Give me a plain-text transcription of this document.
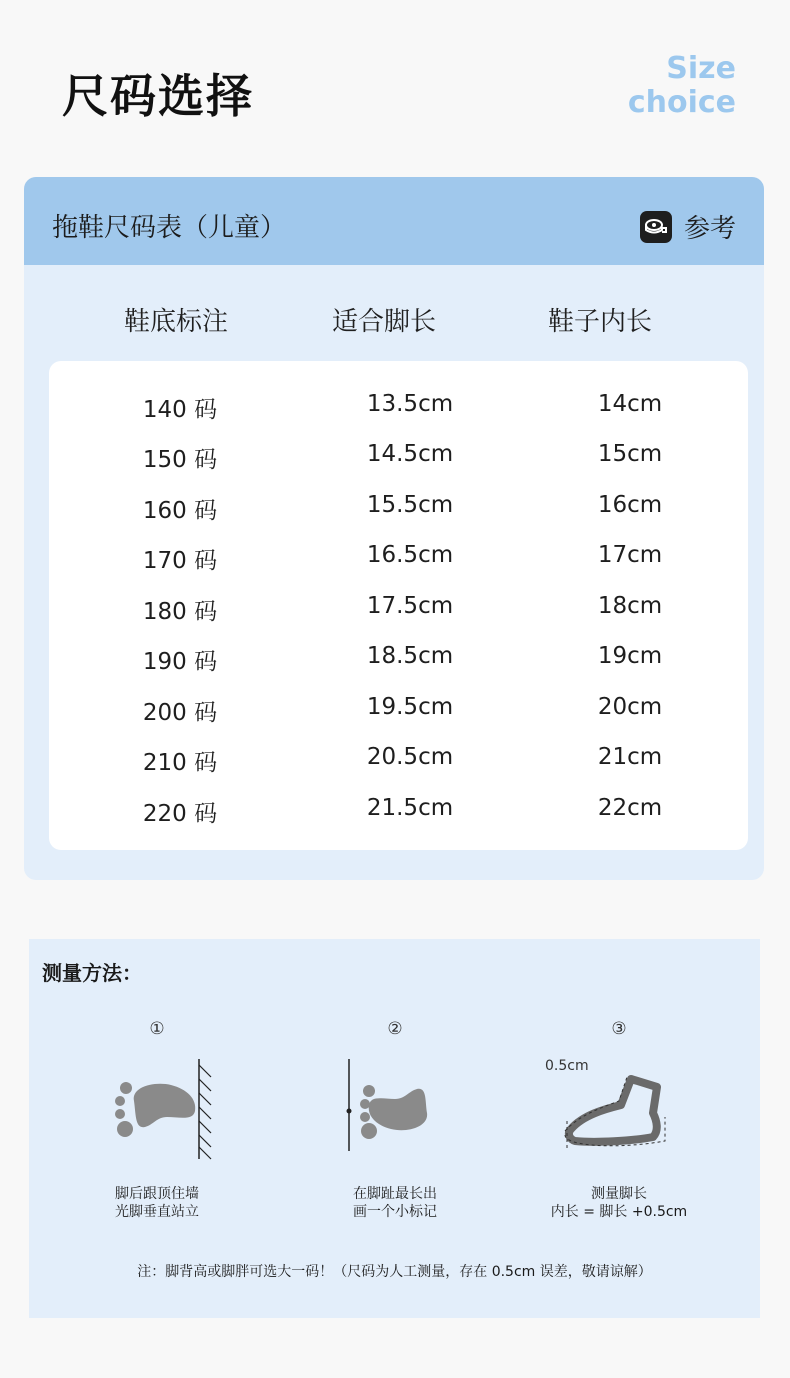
尺码选择
Size
choice
拖鞋尺码表（儿童）	参考
鞋底标注	适合脚长	鞋子内长
140 码	13.5cm	14cm
150 码	14.5cm	15cm
160 码	15.5cm	16cm
170 码	16.5cm	17cm
180 码	17.5cm	18cm
190 码	18.5cm	19cm
200 码	19.5cm	20cm
210 码	20.5cm	21cm
220 码	21.5cm	22cm
测量方法：
①
脚后跟顶住墙
光脚垂直站立
②
在脚趾最长出
画一个小标记
③
0.5cm
测量脚长
内长 = 脚长 +0.5cm
注：脚背高或脚胖可选大一码！（尺码为人工测量，存在 0.5cm 误差，敬请谅解）
